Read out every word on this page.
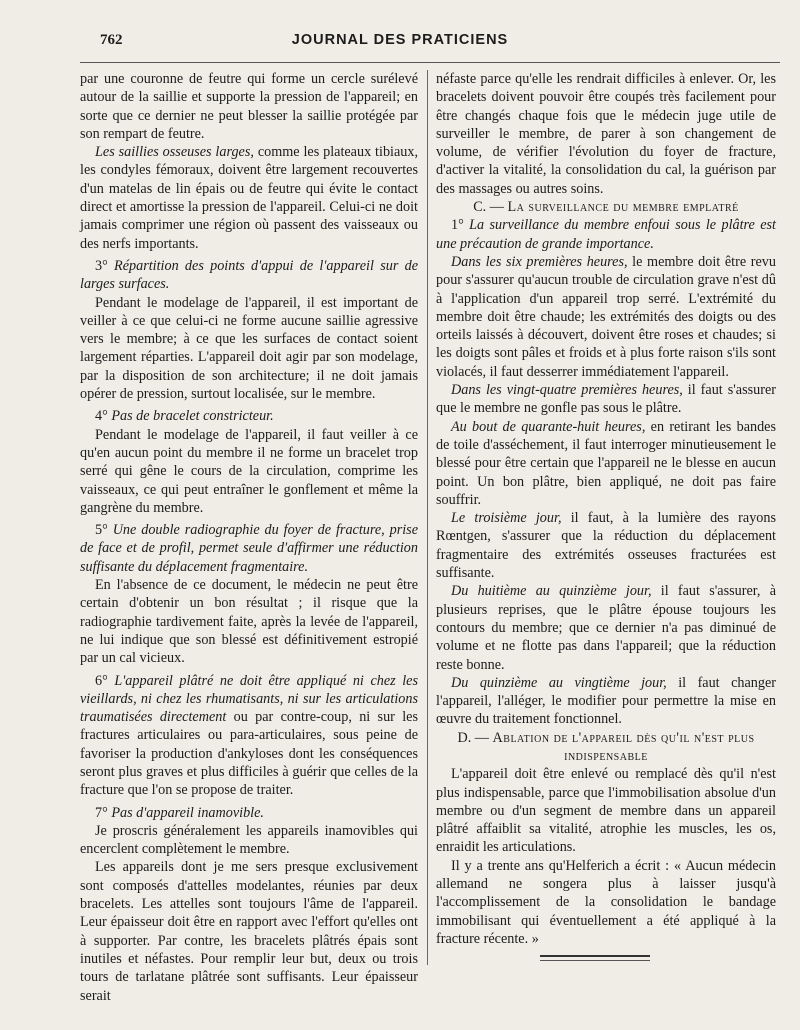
762	JOURNAL DES PRATICIENS

par une couronne de feutre qui forme un cercle surélevé autour de la saillie et supporte la pression de l'appareil; en sorte que ce dernier ne peut blesser la saillie protégée par son rempart de feutre.

Les saillies osseuses larges, comme les plateaux tibiaux, les condyles fémoraux, doivent être largement recouvertes d'un matelas de lin épais ou de feutre qui évite le contact direct et amortisse la pression de l'appareil. Celui-ci ne doit jamais comprimer une région où passent des vaisseaux ou des nerfs importants.

3° Répartition des points d'appui de l'appareil sur de larges surfaces.

Pendant le modelage de l'appareil, il est important de veiller à ce que celui-ci ne forme aucune saillie agressive vers le membre; à ce que les surfaces de contact soient largement réparties. L'appareil doit agir par son modelage, par la disposition de son architecture; il ne doit jamais opérer de pression, surtout localisée, sur le membre.

4° Pas de bracelet constricteur.

Pendant le modelage de l'appareil, il faut veiller à ce qu'en aucun point du membre il ne forme un bracelet trop serré qui gêne le cours de la circulation, comprime les vaisseaux, ce qui peut entraîner le gonflement et même la gangrène du membre.

5° Une double radiographie du foyer de fracture, prise de face et de profil, permet seule d'affirmer une réduction suffisante du déplacement fragmentaire.

En l'absence de ce document, le médecin ne peut être certain d'obtenir un bon résultat ; il risque que la radiographie tardivement faite, après la levée de l'appareil, ne lui indique que son blessé est définitivement estropié par un cal vicieux.

6° L'appareil plâtré ne doit être appliqué ni chez les vieillards, ni chez les rhumatisants, ni sur les articulations traumatisées directement ou par contre-coup, ni sur les fractures articulaires ou para-articulaires, sous peine de favoriser la production d'ankyloses dont les conséquences seront plus graves et plus difficiles à guérir que celles de la fracture que l'on se propose de traiter.

7° Pas d'appareil inamovible.

Je proscris généralement les appareils inamovibles qui encerclent complètement le membre.

Les appareils dont je me sers presque exclusivement sont composés d'attelles modelantes, réunies par deux bracelets. Les attelles sont toujours l'âme de l'appareil. Leur épaisseur doit être en rapport avec l'effort qu'elles ont à supporter. Par contre, les bracelets plâtrés épais sont inutiles et néfastes. Pour remplir leur but, deux ou trois tours de tarlatane plâtrée sont suffisants. Leur épaisseur serait

néfaste parce qu'elle les rendrait difficiles à enlever. Or, les bracelets doivent pouvoir être coupés très facilement pour être changés chaque fois que le médecin juge utile de surveiller le membre, de parer à son changement de volume, de vérifier l'évolution du foyer de fracture, d'activer la vitalité, la consolidation du cal, la guérison par des massages ou autres soins.

C. — La surveillance du membre emplatré

1° La surveillance du membre enfoui sous le plâtre est une précaution de grande importance.

Dans les six premières heures, le membre doit être revu pour s'assurer qu'aucun trouble de circulation grave n'est dû à l'application d'un appareil trop serré. L'extrémité du membre doit être chaude; les extrémités des doigts ou des orteils laissés à découvert, doivent être roses et chaudes; si les doigts sont pâles et froids et à plus forte raison s'ils sont violacés, il faut desserrer immédiatement l'appareil.

Dans les vingt-quatre premières heures, il faut s'assurer que le membre ne gonfle pas sous le plâtre.

Au bout de quarante-huit heures, en retirant les bandes de toile d'asséchement, il faut interroger minutieusement le blessé pour être certain que l'appareil ne le blesse en aucun point. Un bon plâtre, bien appliqué, ne doit pas faire souffrir.

Le troisième jour, il faut, à la lumière des rayons Rœntgen, s'assurer que la réduction du déplacement fragmentaire des extrémités osseuses fracturées est suffisante.

Du huitième au quinzième jour, il faut s'assurer, à plusieurs reprises, que le plâtre épouse toujours les contours du membre; que ce dernier n'a pas diminué de volume et ne flotte pas dans l'appareil; que la réduction reste bonne.

Du quinzième au vingtième jour, il faut changer l'appareil, l'alléger, le modifier pour permettre la mise en œuvre du traitement fonctionnel.

D. — Ablation de l'appareil dès qu'il n'est plus indispensable

L'appareil doit être enlevé ou remplacé dès qu'il n'est plus indispensable, parce que l'immobilisation absolue d'un membre ou d'un segment de membre dans un appareil plâtré affaiblit sa vitalité, atrophie les muscles, les os, enraidit les articulations.

Il y a trente ans qu'Helferich a écrit : « Aucun médecin allemand ne songera plus à laisser jusqu'à l'accomplissement de la consolidation le bandage immobilisant qui éventuellement a été appliqué à la fracture récente. »
